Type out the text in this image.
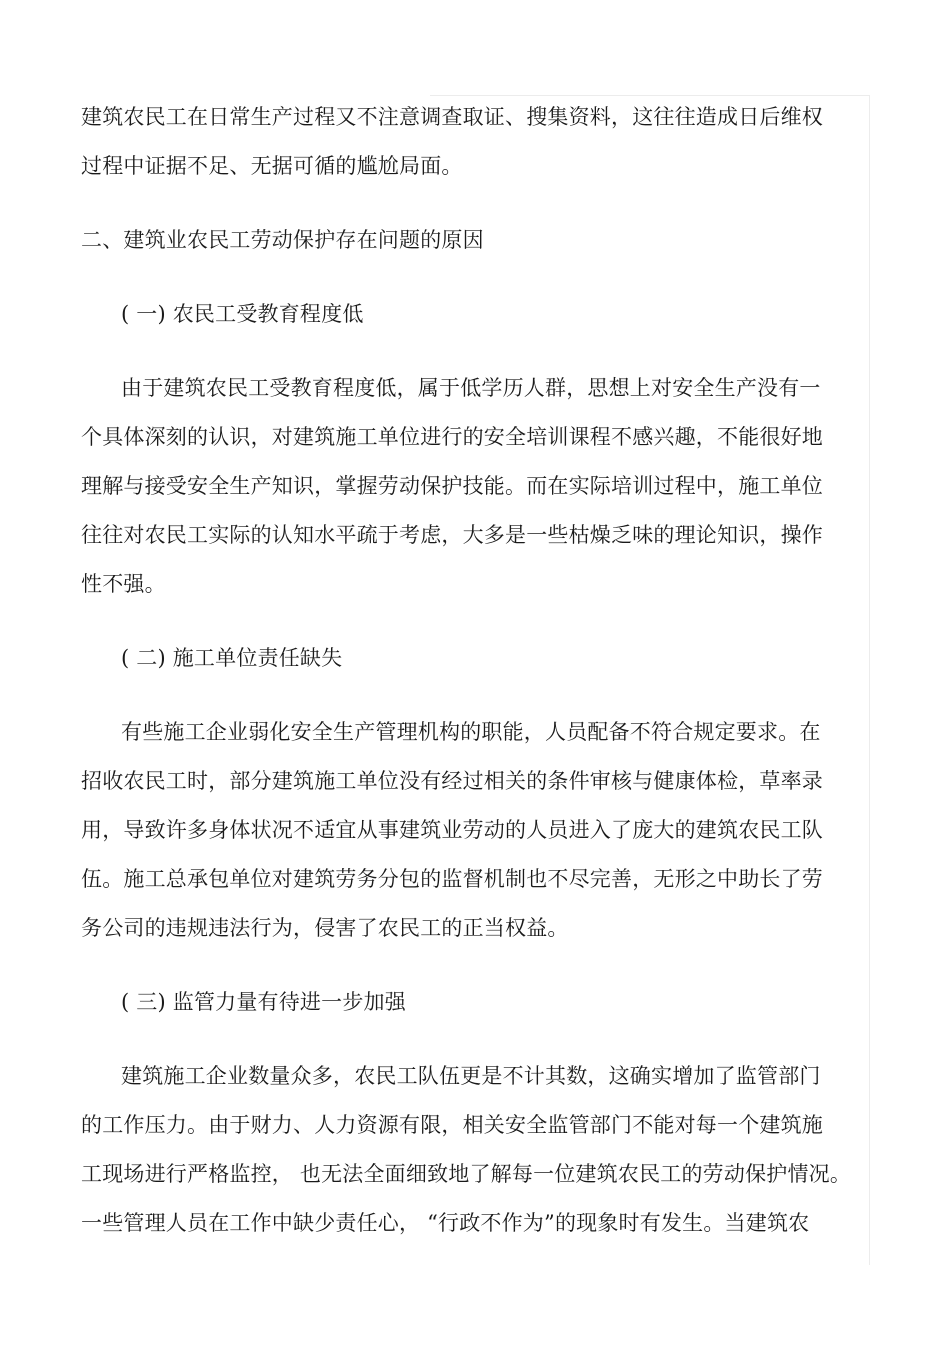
建筑农民工在日常生产过程又不注意调查取证、搜集资料，这往往造成日后维权
过程中证据不足、无据可循的尴尬局面。
二、建筑业农民工劳动保护存在问题的原因
( 一) 农民工受教育程度低
由于建筑农民工受教育程度低，属于低学历人群，思想上对安全生产没有一
个具体深刻的认识，对建筑施工单位进行的安全培训课程不感兴趣，不能很好地
理解与接受安全生产知识，掌握劳动保护技能。而在实际培训过程中，施工单位
往往对农民工实际的认知水平疏于考虑，大多是一些枯燥乏味的理论知识，操作
性不强。
( 二) 施工单位责任缺失
有些施工企业弱化安全生产管理机构的职能，人员配备不符合规定要求。在
招收农民工时，部分建筑施工单位没有经过相关的条件审核与健康体检，草率录
用，导致许多身体状况不适宜从事建筑业劳动的人员进入了庞大的建筑农民工队
伍。施工总承包单位对建筑劳务分包的监督机制也不尽完善，无形之中助长了劳
务公司的违规违法行为，侵害了农民工的正当权益。
( 三) 监管力量有待进一步加强
建筑施工企业数量众多，农民工队伍更是不计其数，这确实增加了监管部门
的工作压力。由于财力、人力资源有限，相关安全监管部门不能对每一个建筑施
工现场进行严格监控， 也无法全面细致地了解每一位建筑农民工的劳动保护情况。
一些管理人员在工作中缺少责任心， “行政不作为”的现象时有发生。当建筑农
